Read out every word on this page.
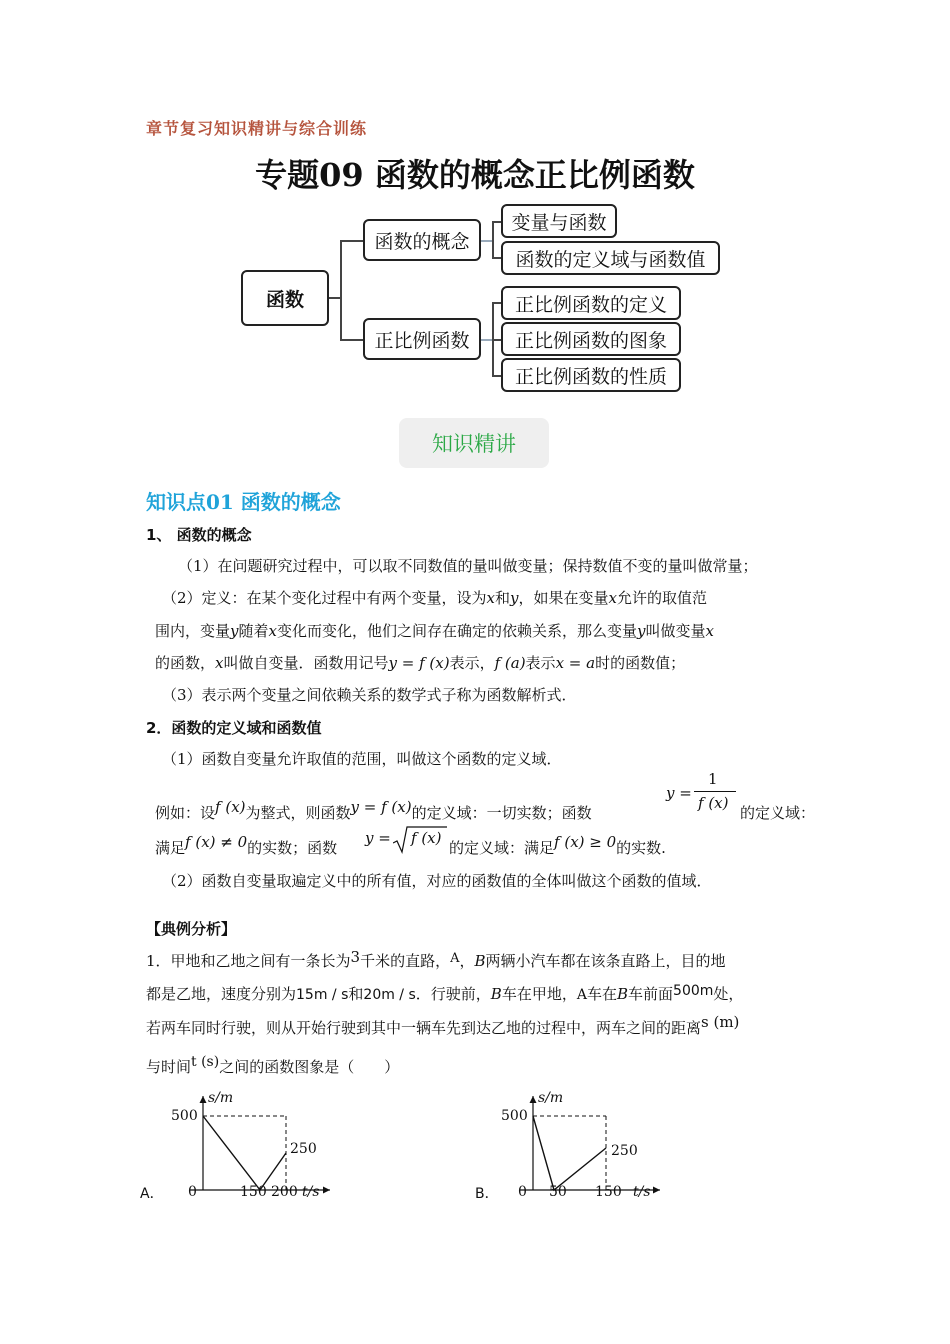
章节复习知识精讲与综合训练
专题09 函数的概念正比例函数
函数
函数的概念
正比例函数
变量与函数
函数的定义域与函数值
正比例函数的定义
正比例函数的图象
正比例函数的性质
知识精讲
知识点01 函数的概念
1、 函数的概念
（1）在问题研究过程中，可以取不同数值的量叫做变量；保持数值不变的量叫做常量；
（2）定义：在某个变化过程中有两个变量，设为x和y，如果在变量x允许的取值范
围内，变量y随着x变化而变化，他们之间存在确定的依赖关系，那么变量y叫做变量x
的函数，x叫做自变量．函数用记号y = f (x)表示，f (a)表示x = a时的函数值；
（3）表示两个变量之间依赖关系的数学式子称为函数解析式．
2．函数的定义域和函数值
（1）函数自变量允许取值的范围，叫做这个函数的定义域．
例如：设f (x)为整式，则函数y = f (x)的定义域：一切实数；函数
y =
1
f (x)
的定义域：
满足f (x) ≠ 0的实数；函数
y = f (x)
的定义域：满足f (x) ≥ 0的实数.
（2）函数自变量取遍定义中的所有值，对应的函数值的全体叫做这个函数的值域．
【典例分析】
1．甲地和乙地之间有一条长为3千米的直路，A，B两辆小汽车都在该条直路上，目的地
都是乙地，速度分别为15m / s和20m / s．行驶前，B车在甲地，A车在B车前面500m处，
若两车同时行驶，则从开始行驶到其中一辆车先到达乙地的过程中，两车之间的距离s (m)
与时间t (s)之间的函数图象是（　　）
A．
s/m
500
250
0	150 200 t/s	B．
s/m
500
250
0 50 150 t/s
